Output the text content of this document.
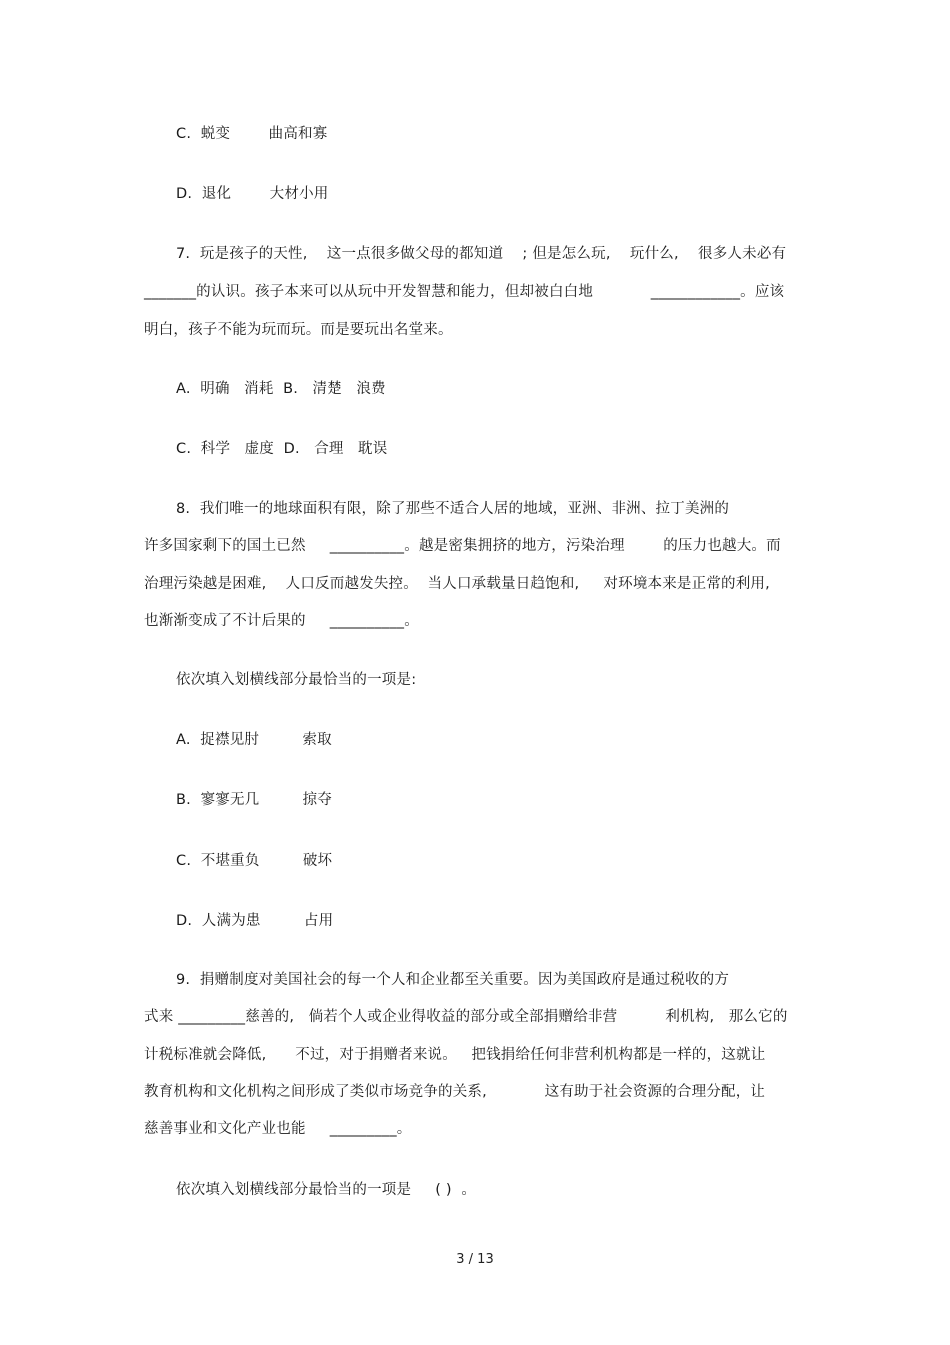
C.  蜕变        曲高和寡
D.  退化        大材小用
7.  玩是孩子的天性,    这一点很多做父母的都知道    ; 但是怎么玩,    玩什么,    很多人未必有
_______的认识。孩子本来可以从玩中开发智慧和能力，但却被白白地            ____________。应该
明白，孩子不能为玩而玩。而是要玩出名堂来。
A.  明确   消耗  B.   清楚   浪费
C.  科学   虚度  D.   合理   耽误
8.  我们唯一的地球面积有限，除了那些不适合人居的地域，亚洲、非洲、拉丁美洲的
许多国家剩下的国土已然     __________。越是密集拥挤的地方，污染治理        的压力也越大。而
治理污染越是困难,    人口反而越发失控。  当人口承载量日趋饱和,     对环境本来是正常的利用,
也渐渐变成了不计后果的     __________。
依次填入划横线部分最恰当的一项是:
A.  捉襟见肘         索取
B.  寥寥无几         掠夺
C.  不堪重负         破坏
D.  人满为患         占用
9.  捐赠制度对美国社会的每一个人和企业都至关重要。因为美国政府是通过税收的方
式来 _________慈善的,   倘若个人或企业得收益的部分或全部捐赠给非营          利机构,   那么它的
计税标准就会降低,      不过，对于捐赠者来说。   把钱捐给任何非营利机构都是一样的，这就让
教育机构和文化机构之间形成了类似市场竞争的关系,            这有助于社会资源的合理分配，让
慈善事业和文化产业也能     _________。
依次填入划横线部分最恰当的一项是     ( )  。
3 / 13
